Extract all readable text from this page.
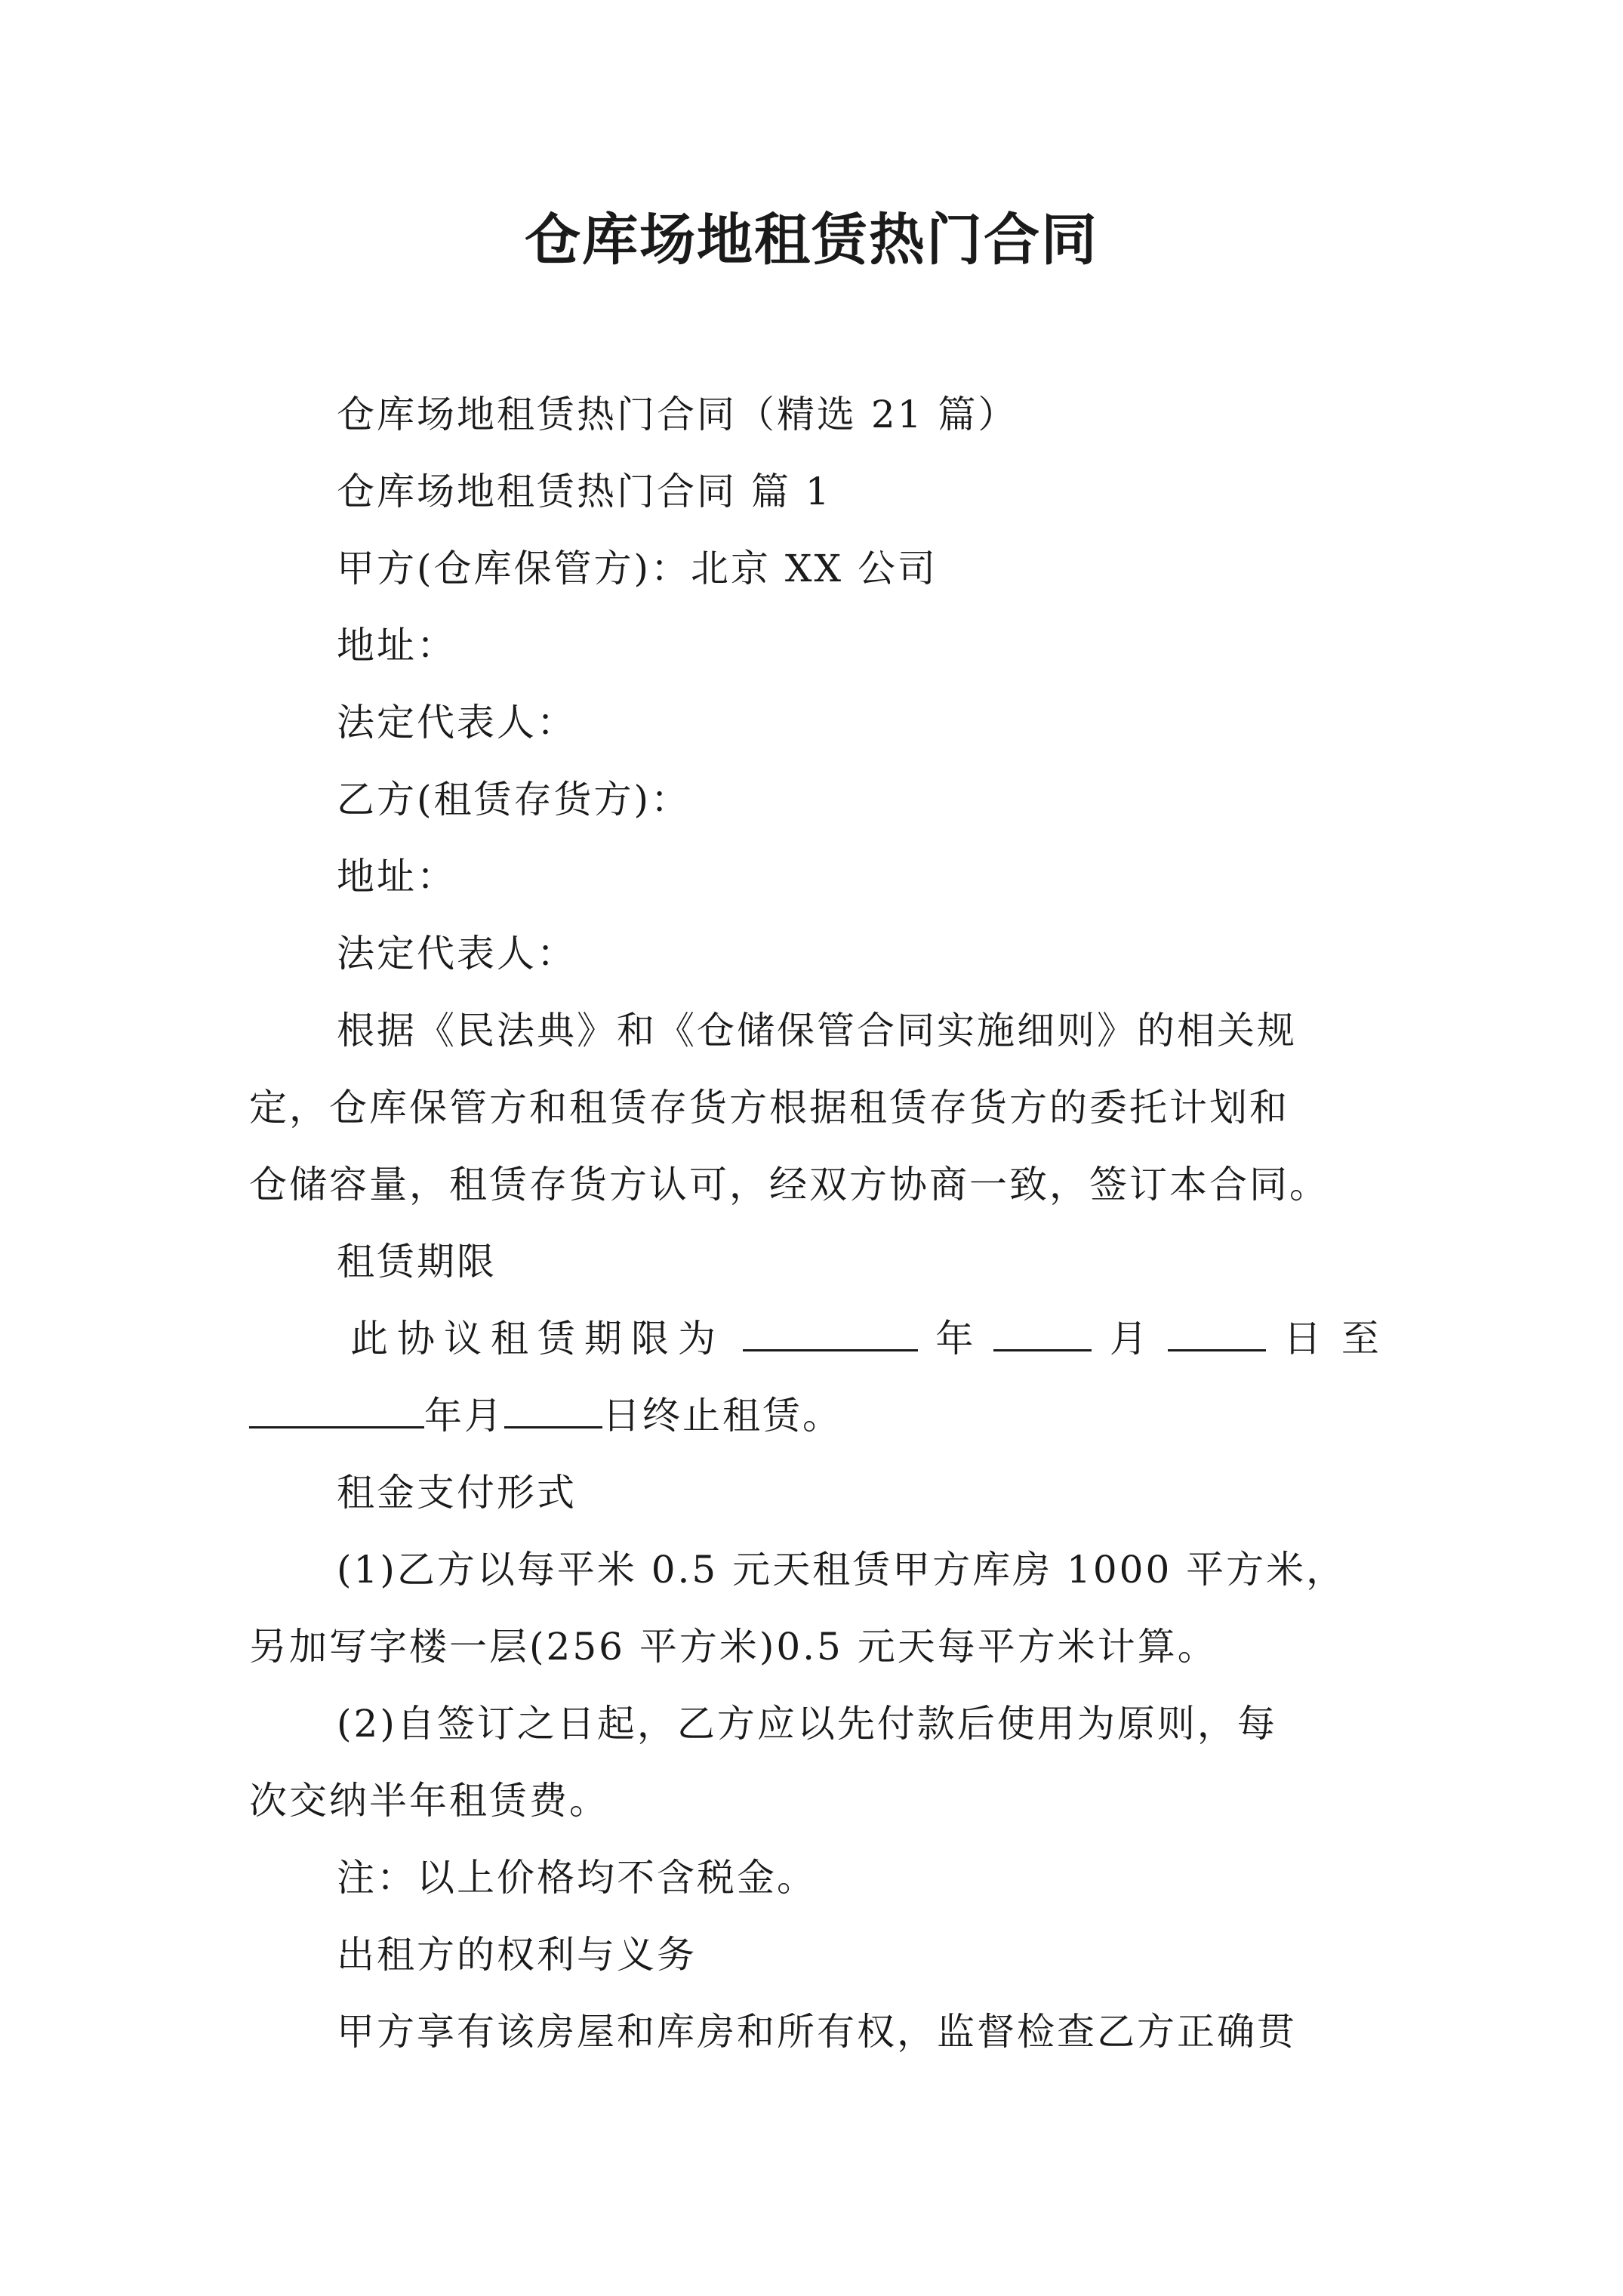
仓库场地租赁热门合同

仓库场地租赁热门合同（精选 21 篇）

仓库场地租赁热门合同 篇 1

甲方(仓库保管方)：北京 XX 公司

地址：

法定代表人：

乙方(租赁存货方)：

地址：

法定代表人：

根据《民法典》和《仓储保管合同实施细则》的相关规

定，仓库保管方和租赁存货方根据租赁存货方的委托计划和

仓储容量，租赁存货方认可，经双方协商一致，签订本合同。

租赁期限

此协议租赁期限为	年	月	日 至
年月	日终止租赁。

租金支付形式

(1)乙方以每平米 0.5 元天租赁甲方库房 1000 平方米，

另加写字楼一层(256 平方米)0.5 元天每平方米计算。

(2)自签订之日起，乙方应以先付款后使用为原则，每

次交纳半年租赁费。

注：以上价格均不含税金。

出租方的权利与义务

甲方享有该房屋和库房和所有权，监督检查乙方正确贯
